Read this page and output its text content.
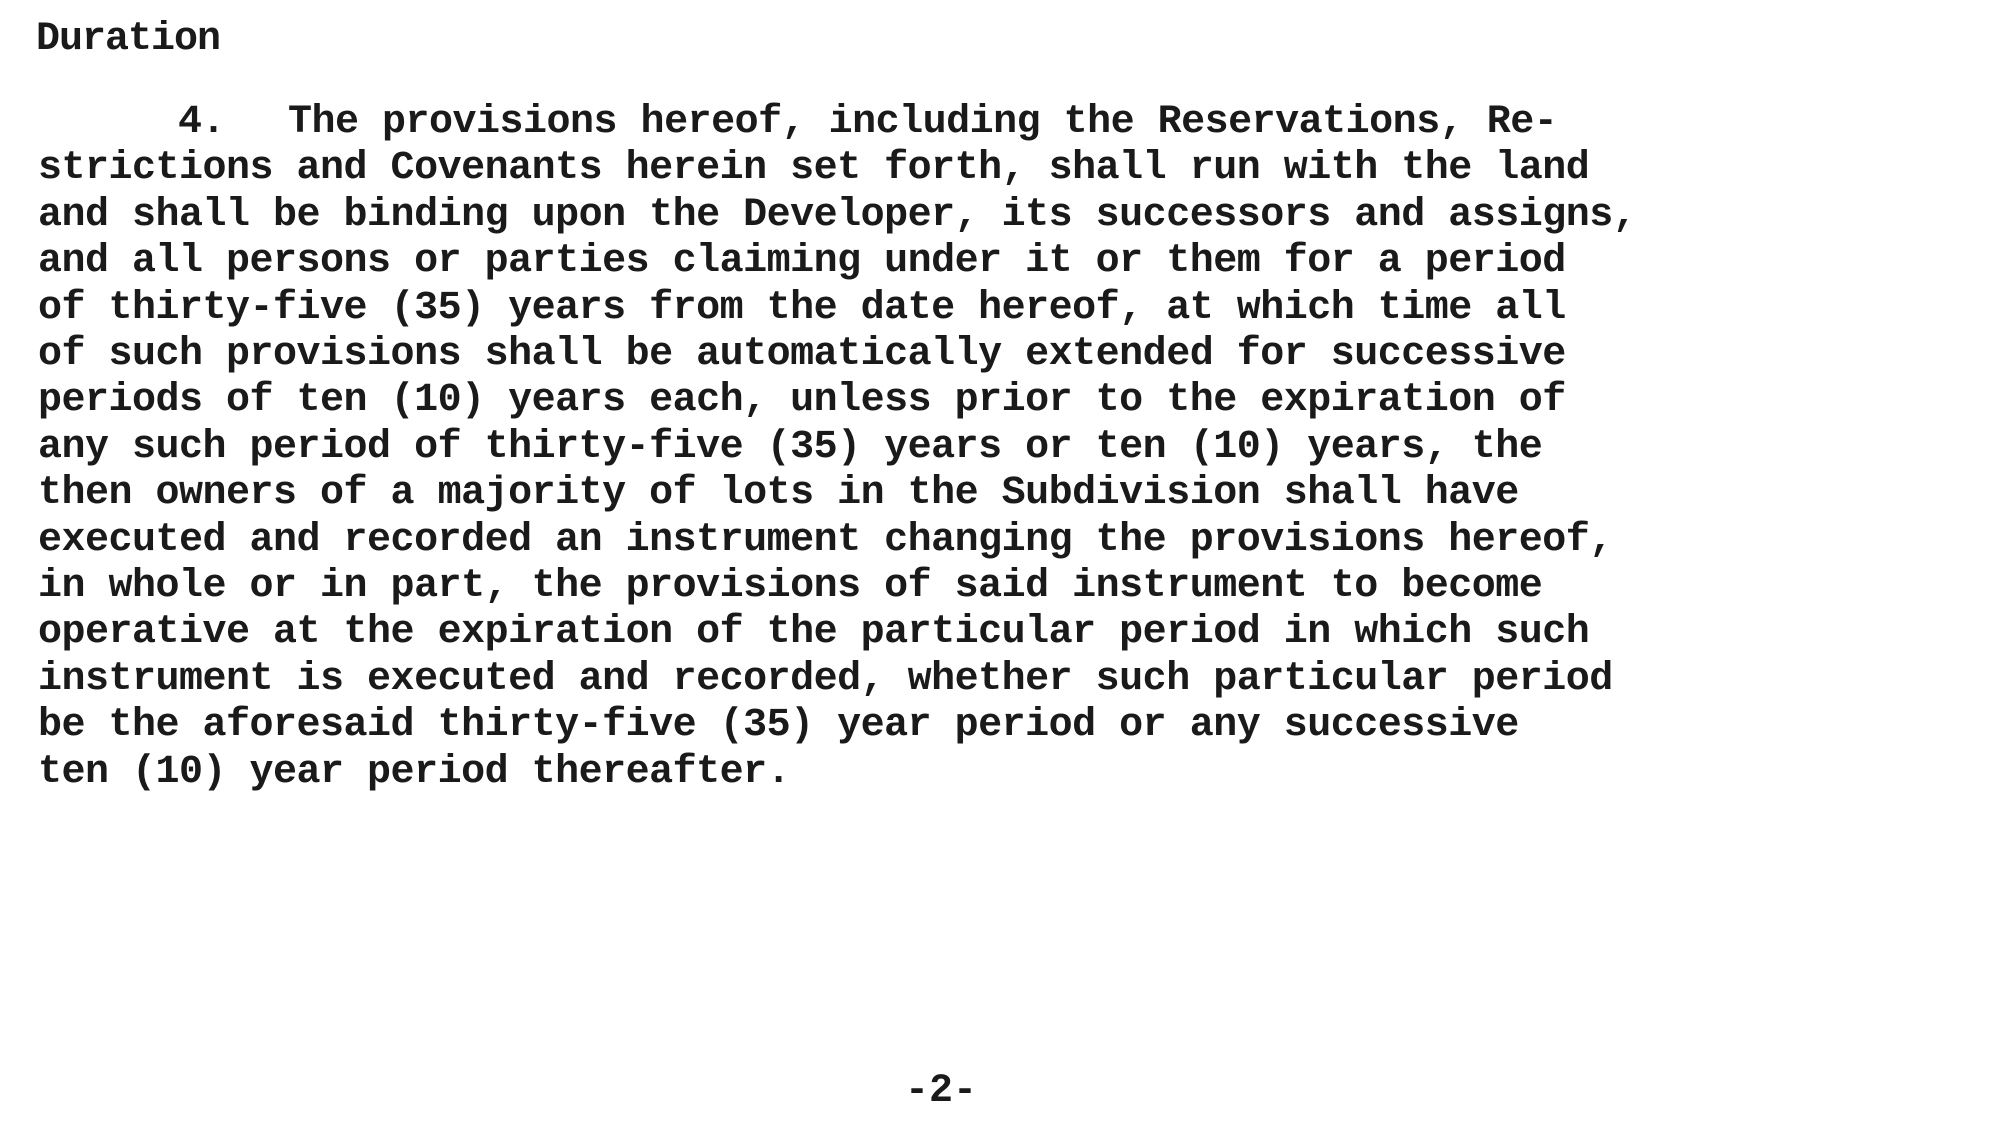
Duration
4. The provisions hereof, including the Reservations, Re-
strictions and Covenants herein set forth, shall run with the land
and shall be binding upon the Developer, its successors and assigns,
and all persons or parties claiming under it or them for a period
of thirty-five (35) years from the date hereof, at which time all
of such provisions shall be automatically extended for successive
periods of ten (10) years each, unless prior to the expiration of
any such period of thirty-five (35) years or ten (10) years, the
then owners of a majority of lots in the Subdivision shall have
executed and recorded an instrument changing the provisions hereof,
in whole or in part, the provisions of said instrument to become
operative at the expiration of the particular period in which such
instrument is executed and recorded, whether such particular period
be the aforesaid thirty-five (35) year period or any successive
ten (10) year period thereafter.
-2-
